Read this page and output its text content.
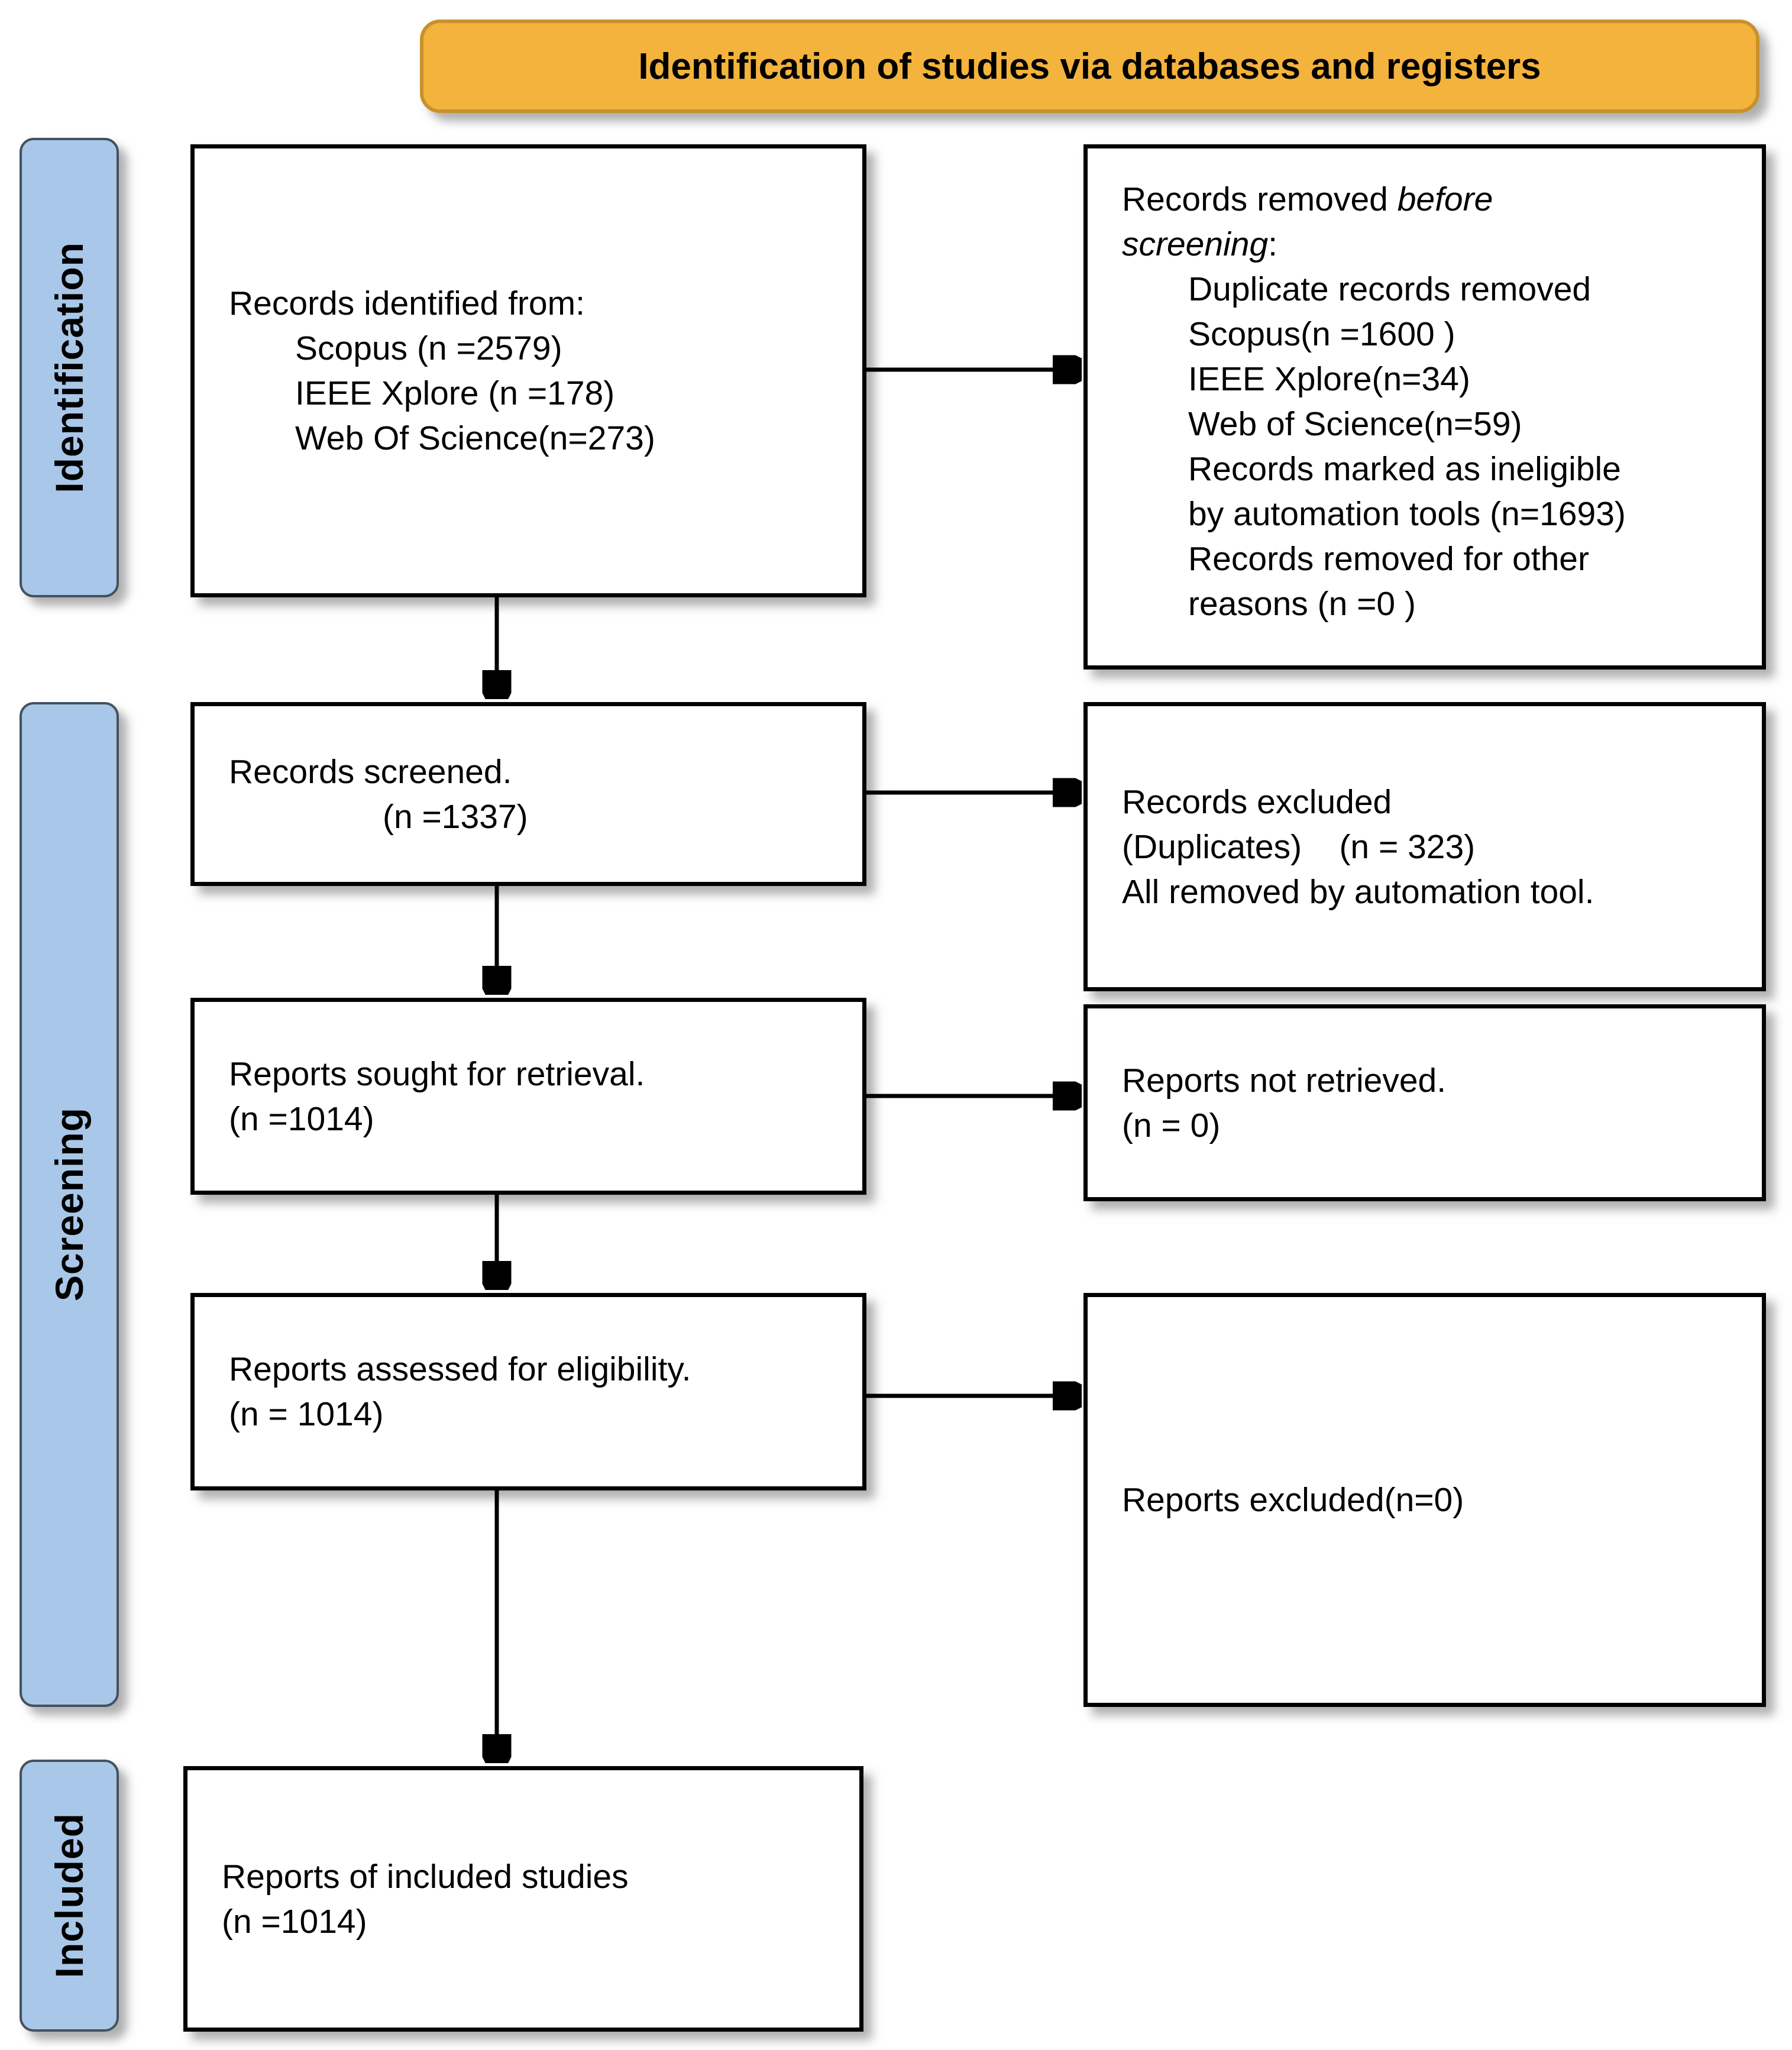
Identification of studies via databases and registers
Identification
Screening
Included
Records identified from:
Scopus (n =2579)
IEEE Xplore (n =178)
Web Of Science(n=273)
Records removed before
screening:
Duplicate records removed
Scopus(n =1600 )
IEEE Xplore(n=34)
Web of Science(n=59)
Records marked as ineligible
by automation tools (n=1693)
Records removed for other
reasons (n =0 )
Records screened.
(n =1337)	Records excluded
(Duplicates)    (n = 323)
All removed by automation tool.
Reports sought for retrieval.
(n =1014)
Reports not retrieved.
(n = 0)
Reports assessed for eligibility.
(n = 1014)
Reports excluded(n=0)
Reports of included studies
(n =1014)
